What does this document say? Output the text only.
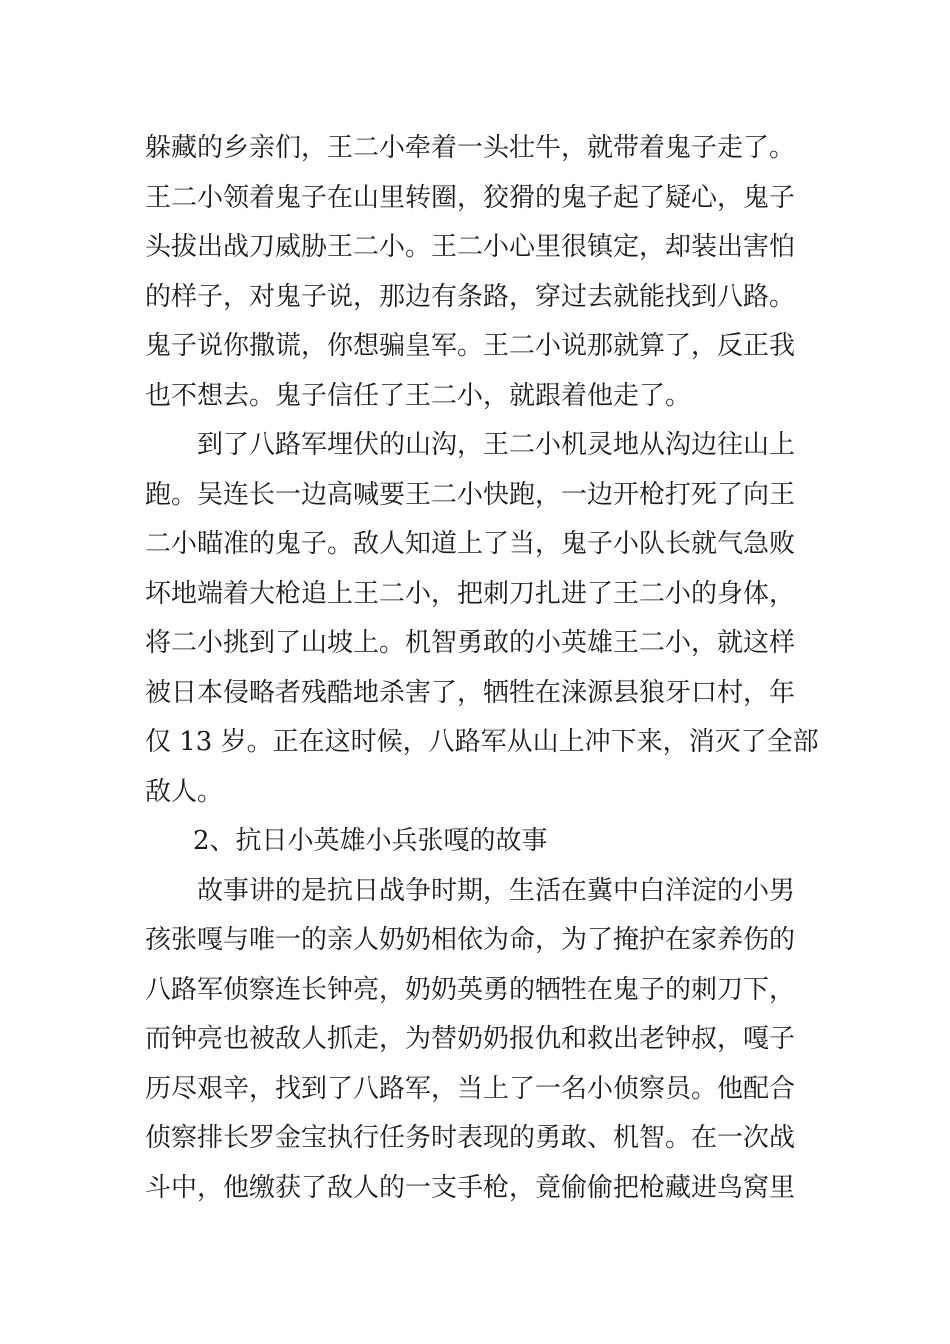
躲藏的乡亲们，王二小牵着一头壮牛，就带着鬼子走了。
王二小领着鬼子在山里转圈，狡猾的鬼子起了疑心，鬼子
头拔出战刀威胁王二小。王二小心里很镇定，却装出害怕
的样子，对鬼子说，那边有条路，穿过去就能找到八路。
鬼子说你撒谎，你想骗皇军。王二小说那就算了，反正我
也不想去。鬼子信任了王二小，就跟着他走了。
到了八路军埋伏的山沟，王二小机灵地从沟边往山上
跑。吴连长一边高喊要王二小快跑，一边开枪打死了向王
二小瞄准的鬼子。敌人知道上了当，鬼子小队长就气急败
坏地端着大枪追上王二小，把刺刀扎进了王二小的身体，
将二小挑到了山坡上。机智勇敢的小英雄王二小，就这样
被日本侵略者残酷地杀害了，牺牲在涞源县狼牙口村，年
仅 13 岁。正在这时候，八路军从山上冲下来，消灭了全部
敌人。
2、抗日小英雄小兵张嘎的故事
故事讲的是抗日战争时期，生活在冀中白洋淀的小男
孩张嘎与唯一的亲人奶奶相依为命，为了掩护在家养伤的
八路军侦察连长钟亮，奶奶英勇的牺牲在鬼子的刺刀下，
而钟亮也被敌人抓走，为替奶奶报仇和救出老钟叔，嘎子
历尽艰辛，找到了八路军，当上了一名小侦察员。他配合
侦察排长罗金宝执行任务时表现的勇敢、机智。在一次战
斗中，他缴获了敌人的一支手枪，竟偷偷把枪藏进鸟窝里
